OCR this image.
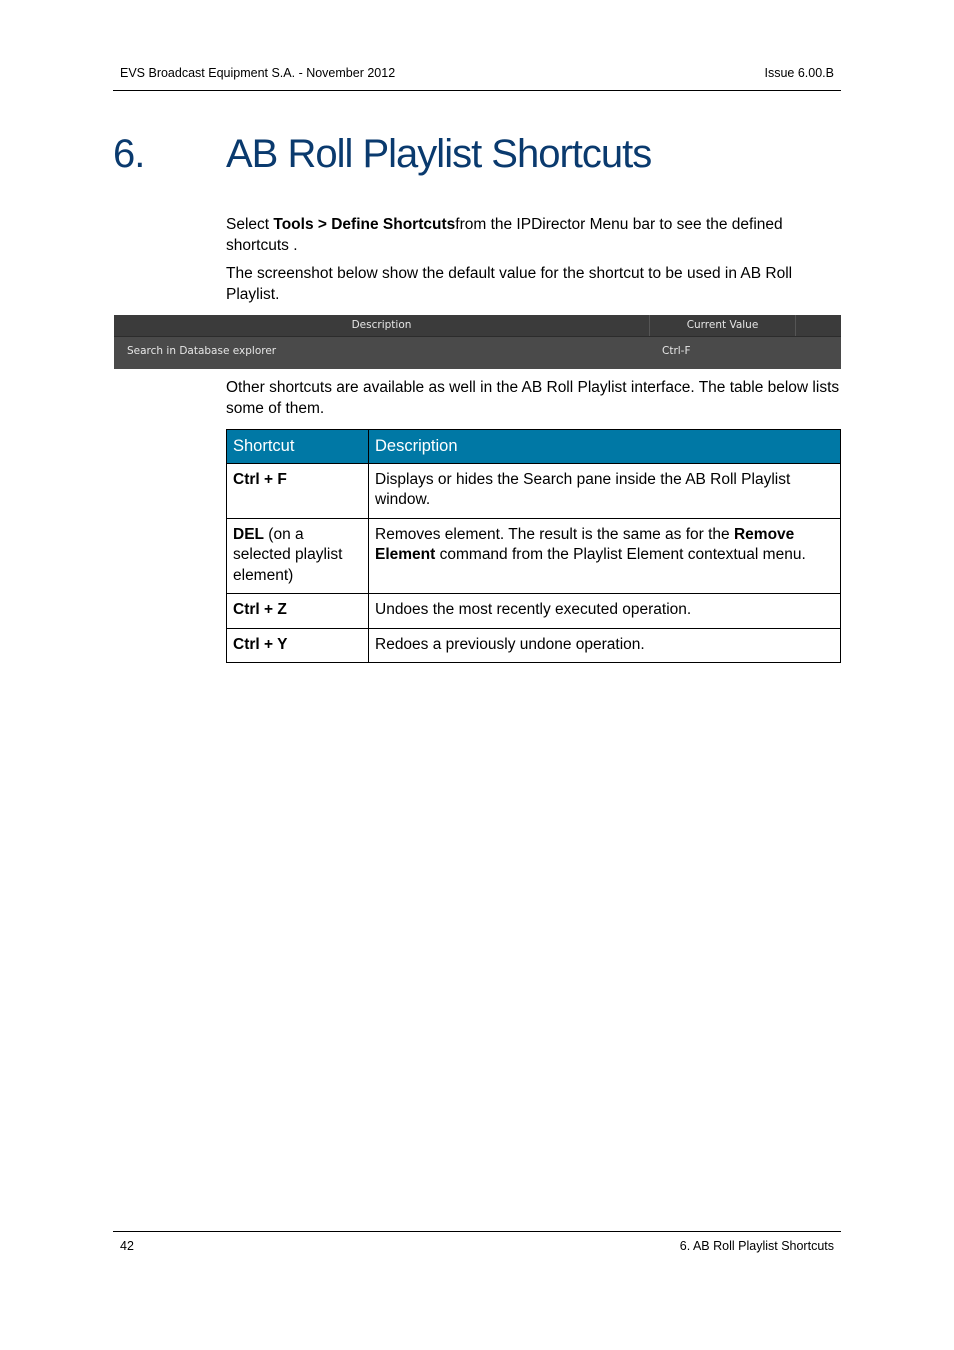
EVS Broadcast Equipment S.A. - November 2012	Issue 6.00.B
6. AB Roll Playlist Shortcuts
Select Tools > Define Shortcutsfrom the IPDirector Menu bar to see the defined shortcuts .
The screenshot below show the default value for the shortcut to be used in AB Roll Playlist.
Description	Current Value
Search in Database explorer	Ctrl-F
Other shortcuts are available as well in the AB Roll Playlist interface. The table below lists some of them.
Shortcut	Description
Ctrl + F	Displays or hides the Search pane inside the AB Roll Playlist window.
DEL (on a selected playlist element)	Removes element. The result is the same as for the Remove Element command from the Playlist Element contextual menu.
Ctrl + Z	Undoes the most recently executed operation.
Ctrl + Y	Redoes a previously undone operation.
42	6. AB Roll Playlist Shortcuts
